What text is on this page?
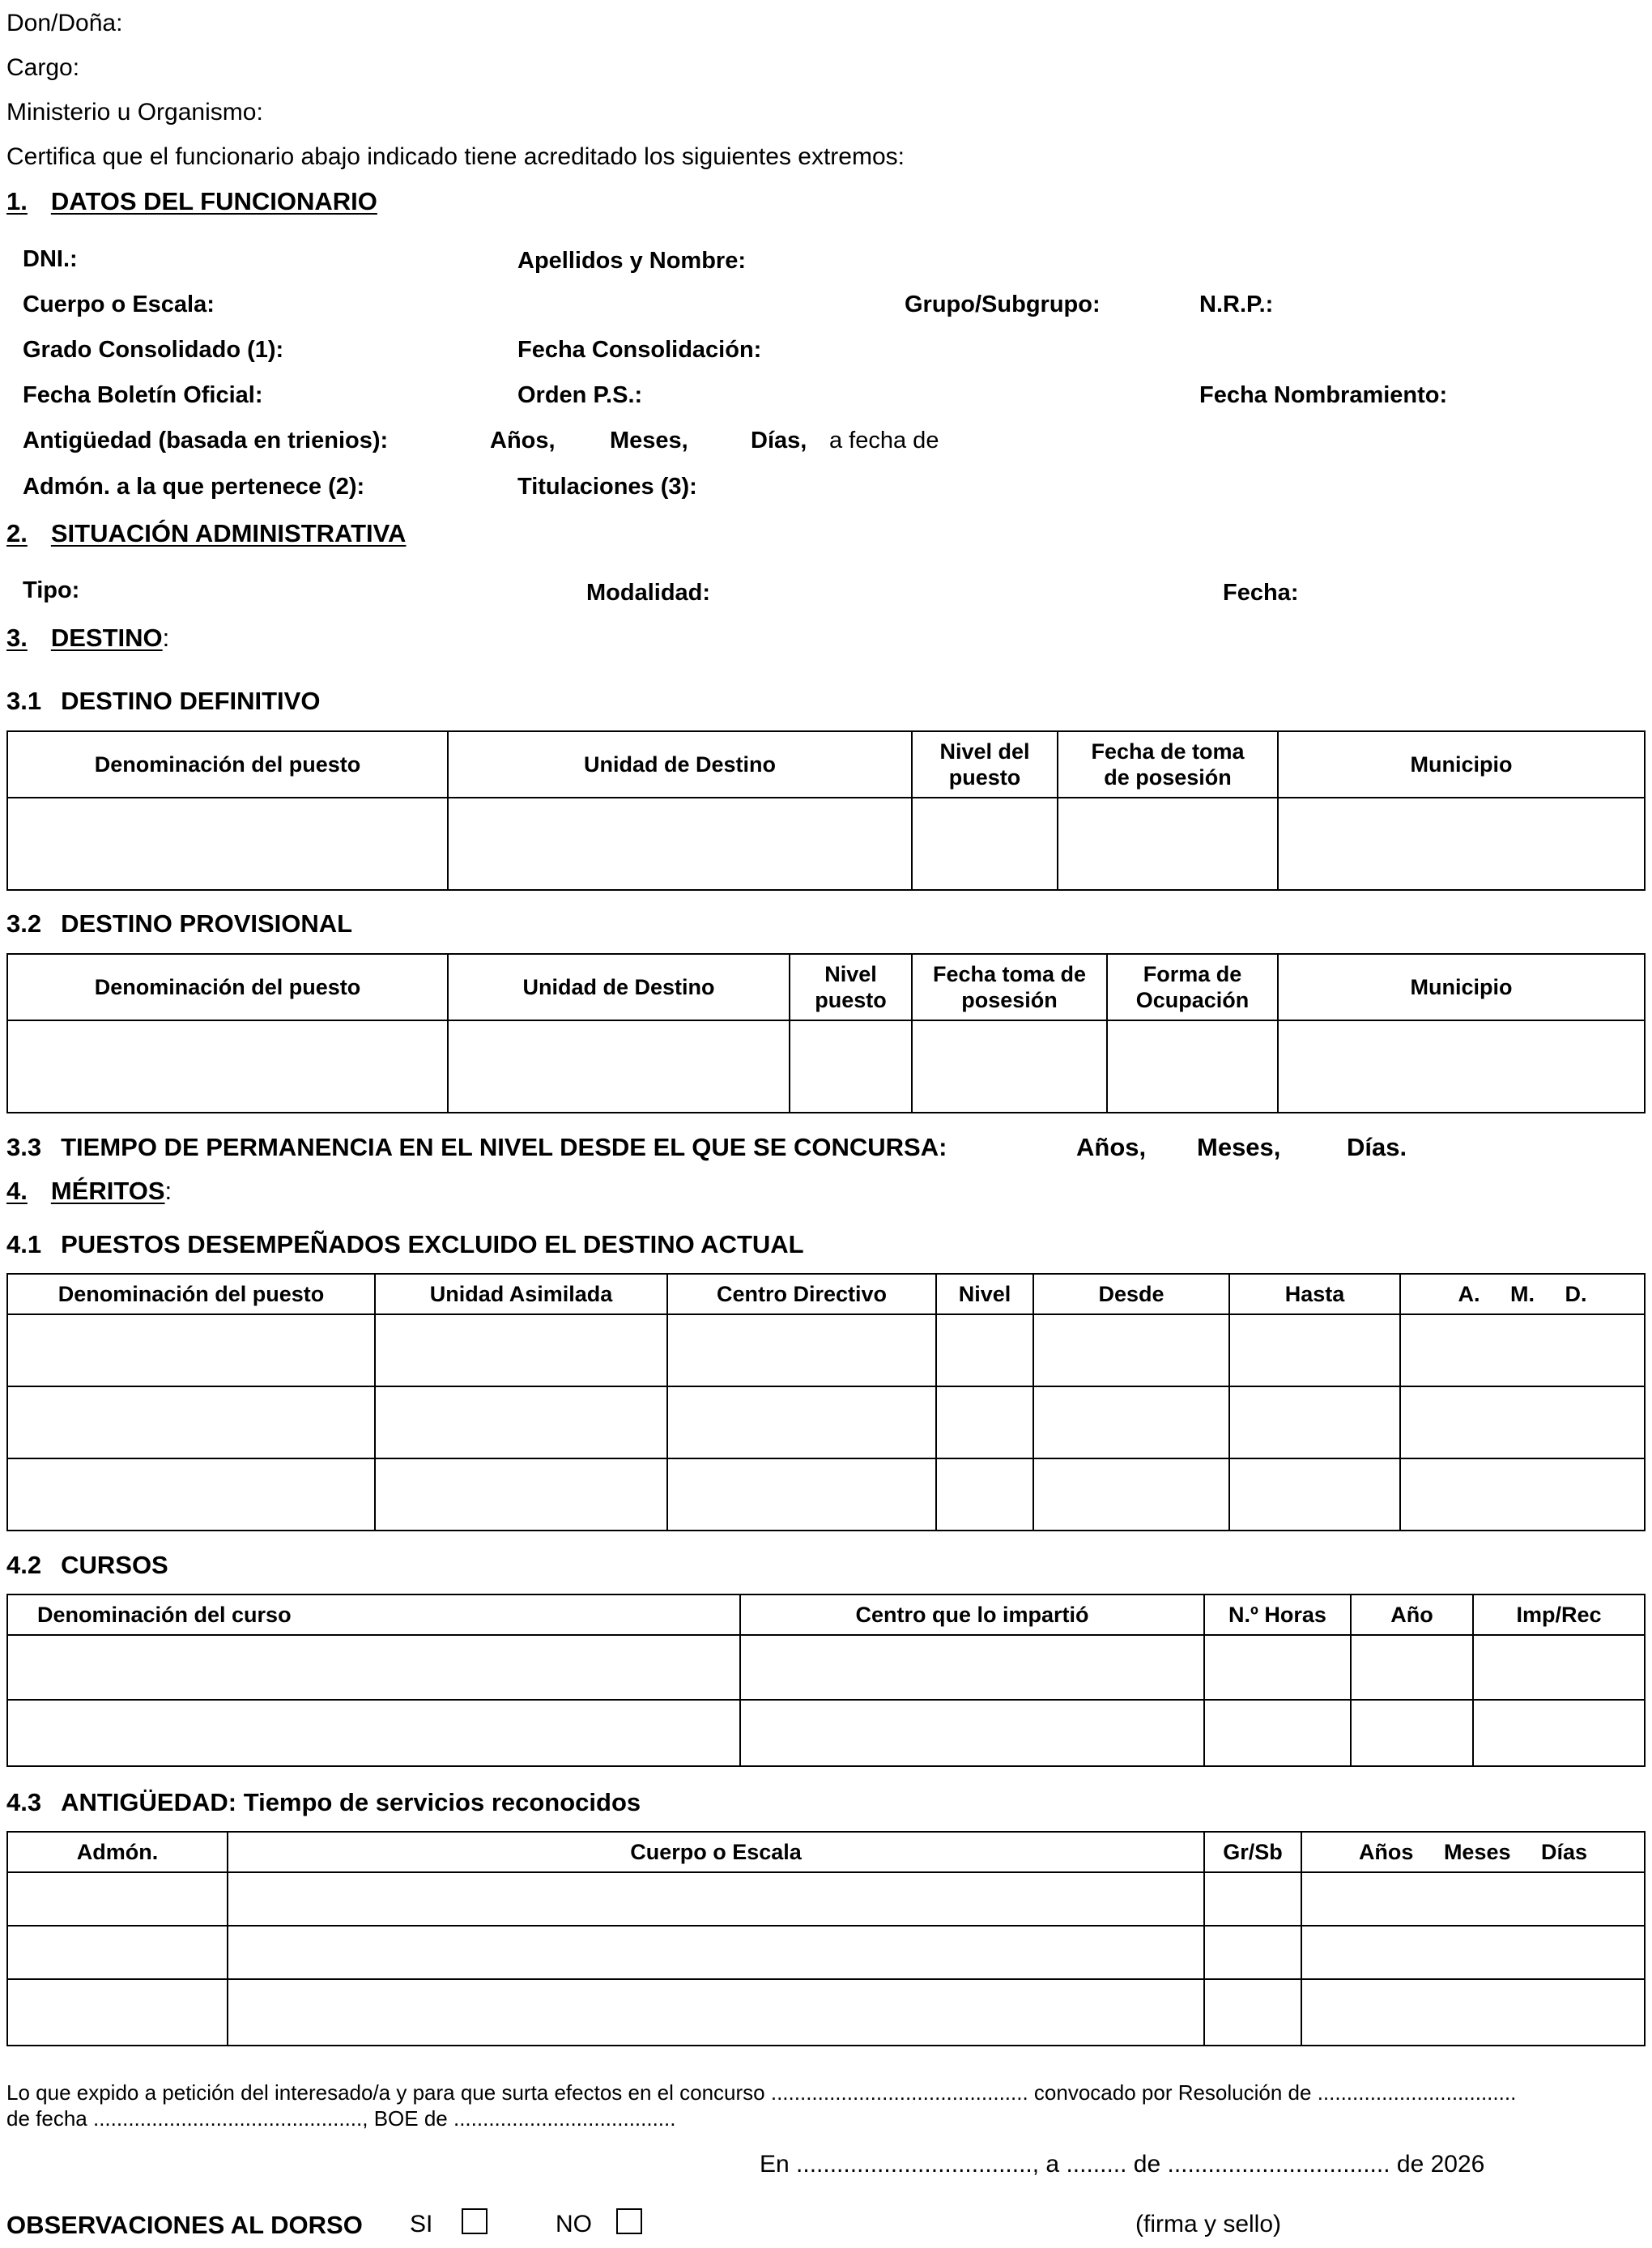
Don/Doña:
Cargo:
Ministerio u Organismo:
Certifica que el funcionario abajo indicado tiene acreditado los siguientes extremos:
1. DATOS DEL FUNCIONARIO
DNI.:	Apellidos y Nombre:
Cuerpo o Escala:	Grupo/Subgrupo:	N.R.P.:
Grado Consolidado (1):	Fecha Consolidación:
Fecha Boletín Oficial:	Orden P.S.:	Fecha Nombramiento:
Antigüedad (basada en trienios):	Años, Meses,	Días, a fecha de
Admón. a la que pertenece (2):	Titulaciones (3):
2. SITUACIÓN ADMINISTRATIVA
Tipo:	Modalidad:	Fecha:
3. DESTINO:
3.1 DESTINO DEFINITIVO
Denominación del puesto	Unidad de Destino	Nivel del puesto	Fecha de toma de posesión	Municipio

3.2 DESTINO PROVISIONAL
Denominación del puesto	Unidad de Destino	Nivel puesto	Fecha toma de posesión	Forma de Ocupación	Municipio

3.3 TIEMPO DE PERMANENCIA EN EL NIVEL DESDE EL QUE SE CONCURSA:	Años, Meses,	Días.
4. MÉRITOS:
4.1 PUESTOS DESEMPEÑADOS EXCLUIDO EL DESTINO ACTUAL
Denominación del puesto	Unidad Asimilada	Centro Directivo	Nivel	Desde	Hasta	A.     M.     D.

4.2 CURSOS
Denominación del curso	Centro que lo impartió	N.º Horas	Año	Imp/Rec

4.3 ANTIGÜEDAD: Tiempo de servicios reconocidos
Admón.	Cuerpo o Escala	Gr/Sb	Años     Meses     Días

Lo que expido a petición del interesado/a y para que surta efectos en el concurso ............................................ convocado por Resolución de ..................................
de fecha .............................................., BOE de ......................................
En ..................................., a ......... de ................................. de 2026
OBSERVACIONES AL DORSO SI	NO	(firma y sello)
